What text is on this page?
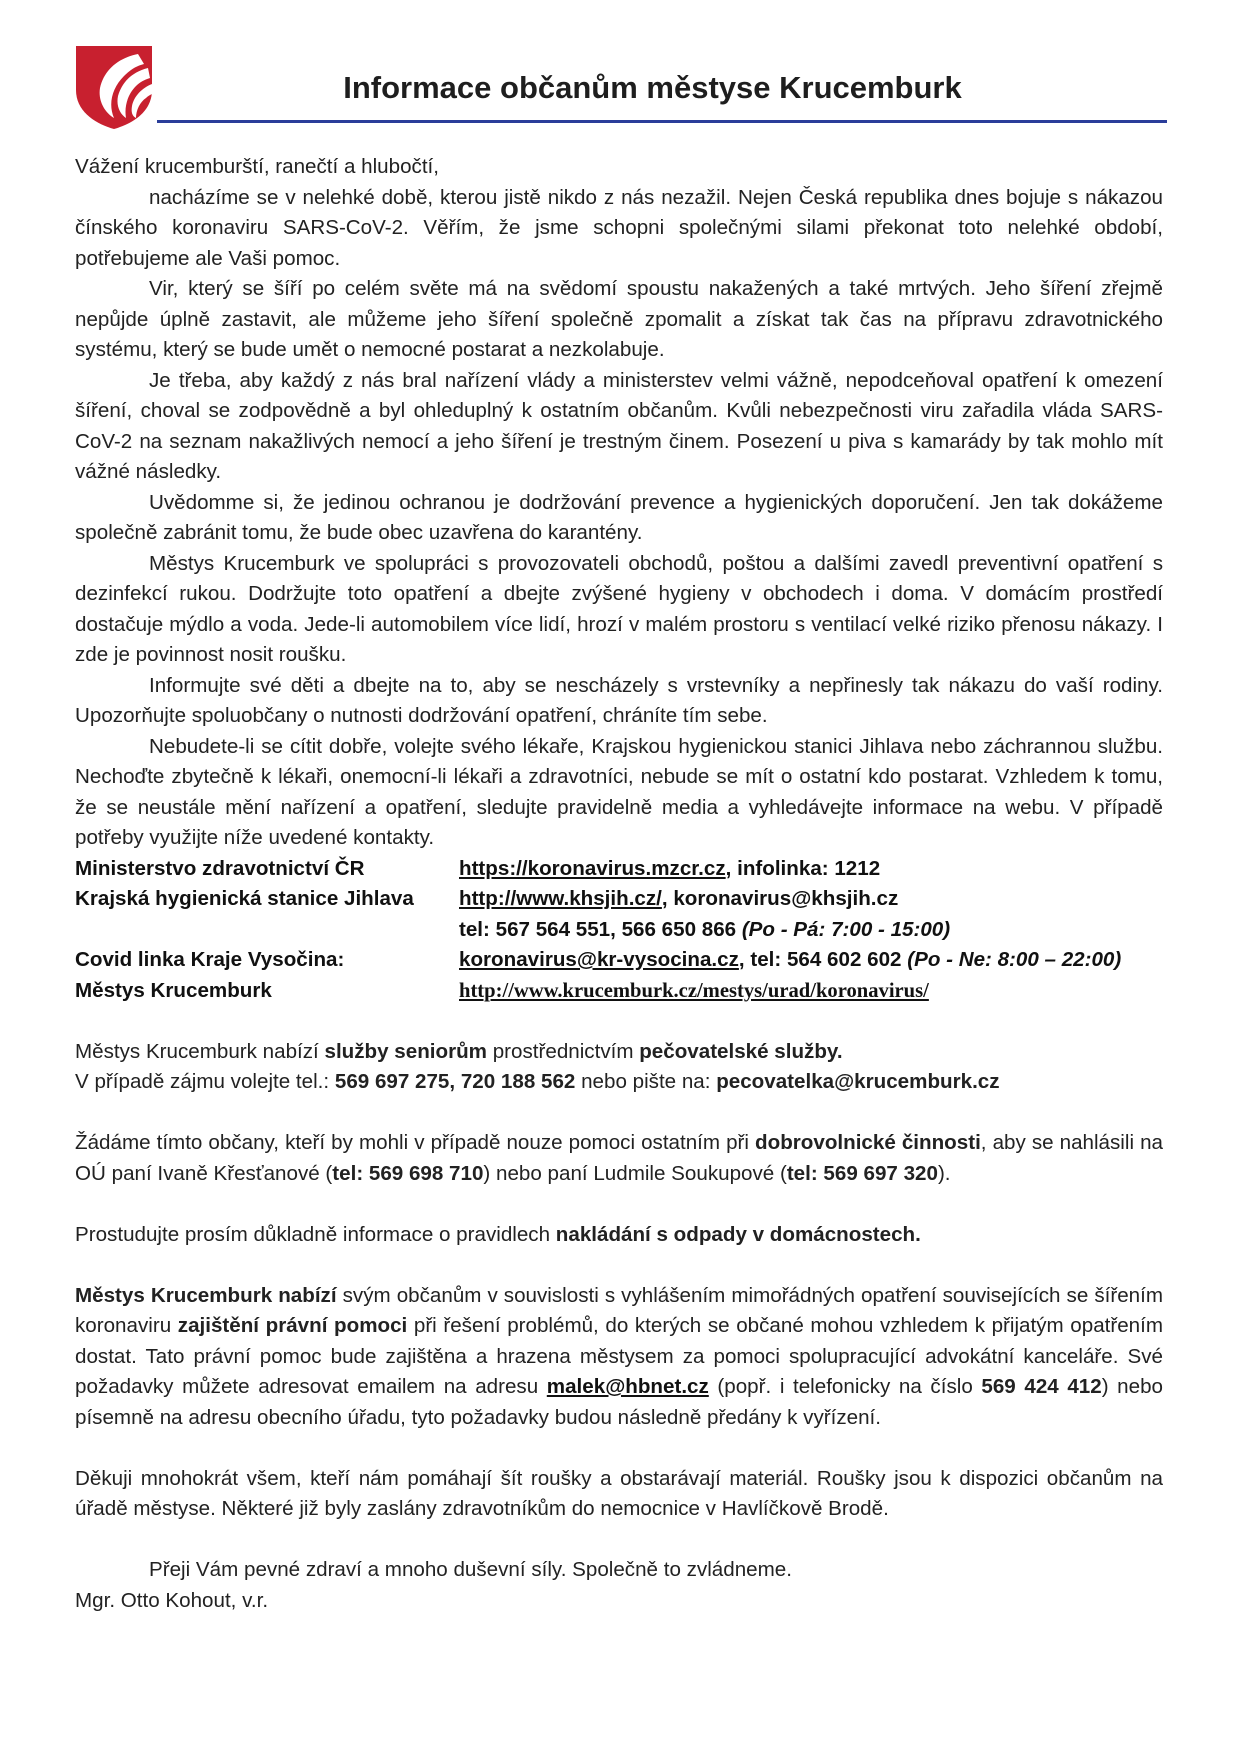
Informace občanům městyse Krucemburk

Vážení krucemburští, ranečtí a hlubočtí,

nacházíme se v nelehké době, kterou jistě nikdo z nás nezažil. Nejen Česká republika dnes bojuje s nákazou čínského koronaviru SARS-CoV-2. Věřím, že jsme schopni společnými silami překonat toto nelehké období, potřebujeme ale Vaši pomoc.

Vir, který se šíří po celém světe má na svědomí spoustu nakažených a také mrtvých. Jeho šíření zřejmě nepůjde úplně zastavit, ale můžeme jeho šíření společně zpomalit a získat tak čas na přípravu zdravotnického systému, který se bude umět o nemocné postarat a nezkolabuje.

Je třeba, aby každý z nás bral nařízení vlády a ministerstev velmi vážně, nepodceňoval opatření k omezení šíření, choval se zodpovědně a byl ohleduplný k ostatním občanům. Kvůli nebezpečnosti viru zařadila vláda SARS-CoV-2 na seznam nakažlivých nemocí a jeho šíření je trestným činem. Posezení u piva s kamarády by tak mohlo mít vážné následky.

Uvědomme si, že jedinou ochranou je dodržování prevence a hygienických doporučení. Jen tak dokážeme společně zabránit tomu, že bude obec uzavřena do karantény.

Městys Krucemburk ve spolupráci s provozovateli obchodů, poštou a dalšími zavedl preventivní opatření s dezinfekcí rukou. Dodržujte toto opatření a dbejte zvýšené hygieny v obchodech i doma. V domácím prostředí dostačuje mýdlo a voda. Jede-li automobilem více lidí, hrozí v malém prostoru s ventilací velké riziko přenosu nákazy. I zde je povinnost nosit roušku.

Informujte své děti a dbejte na to, aby se nescházely s vrstevníky a nepřinesly tak nákazu do vaší rodiny. Upozorňujte spoluobčany o nutnosti dodržování opatření, chráníte tím sebe.

Nebudete-li se cítit dobře, volejte svého lékaře, Krajskou hygienickou stanici Jihlava nebo záchrannou službu. Nechoďte zbytečně k lékaři, onemocní-li lékaři a zdravotníci, nebude se mít o ostatní kdo postarat. Vzhledem k tomu, že se neustále mění nařízení a opatření, sledujte pravidelně media a vyhledávejte informace na webu. V případě potřeby využijte níže uvedené kontakty.

Ministerstvo zdravotnictví ČR	https://koronavirus.mzcr.cz, infolinka: 1212
Krajská hygienická stanice Jihlava	http://www.khsjih.cz/, koronavirus@khsjih.cz
tel: 567 564 551, 566 650 866 (Po - Pá: 7:00 - 15:00)
Covid linka Kraje Vysočina:	koronavirus@kr-vysocina.cz, tel: 564 602 602 (Po - Ne: 8:00 – 22:00)
Městys Krucemburk	http://www.krucemburk.cz/mestys/urad/koronavirus/

Městys Krucemburk nabízí služby seniorům prostřednictvím pečovatelské služby.

V případě zájmu volejte tel.: 569 697 275, 720 188 562 nebo pište na: pecovatelka@krucemburk.cz

Žádáme tímto občany, kteří by mohli v případě nouze pomoci ostatním při dobrovolnické činnosti, aby se nahlásili na OÚ paní Ivaně Křesťanové (tel: 569 698 710) nebo paní Ludmile Soukupové (tel: 569 697 320).

Prostudujte prosím důkladně informace o pravidlech nakládání s odpady v domácnostech.

Městys Krucemburk nabízí svým občanům v souvislosti s vyhlášením mimořádných opatření souvisejících se šířením koronaviru zajištění právní pomoci při řešení problémů, do kterých se občané mohou vzhledem k přijatým opatřením dostat. Tato právní pomoc bude zajištěna a hrazena městysem za pomoci spolupracující advokátní kanceláře. Své požadavky můžete adresovat emailem na adresu malek@hbnet.cz (popř. i telefonicky na číslo 569 424 412) nebo písemně na adresu obecního úřadu, tyto požadavky budou následně předány k vyřízení.

Děkuji mnohokrát všem, kteří nám pomáhají šít roušky a obstarávají materiál. Roušky jsou k dispozici občanům na úřadě městyse. Některé již byly zaslány zdravotníkům do nemocnice v Havlíčkově Brodě.

Přeji Vám pevné zdraví a mnoho duševní síly. Společně to zvládneme.

Mgr. Otto Kohout, v.r.
